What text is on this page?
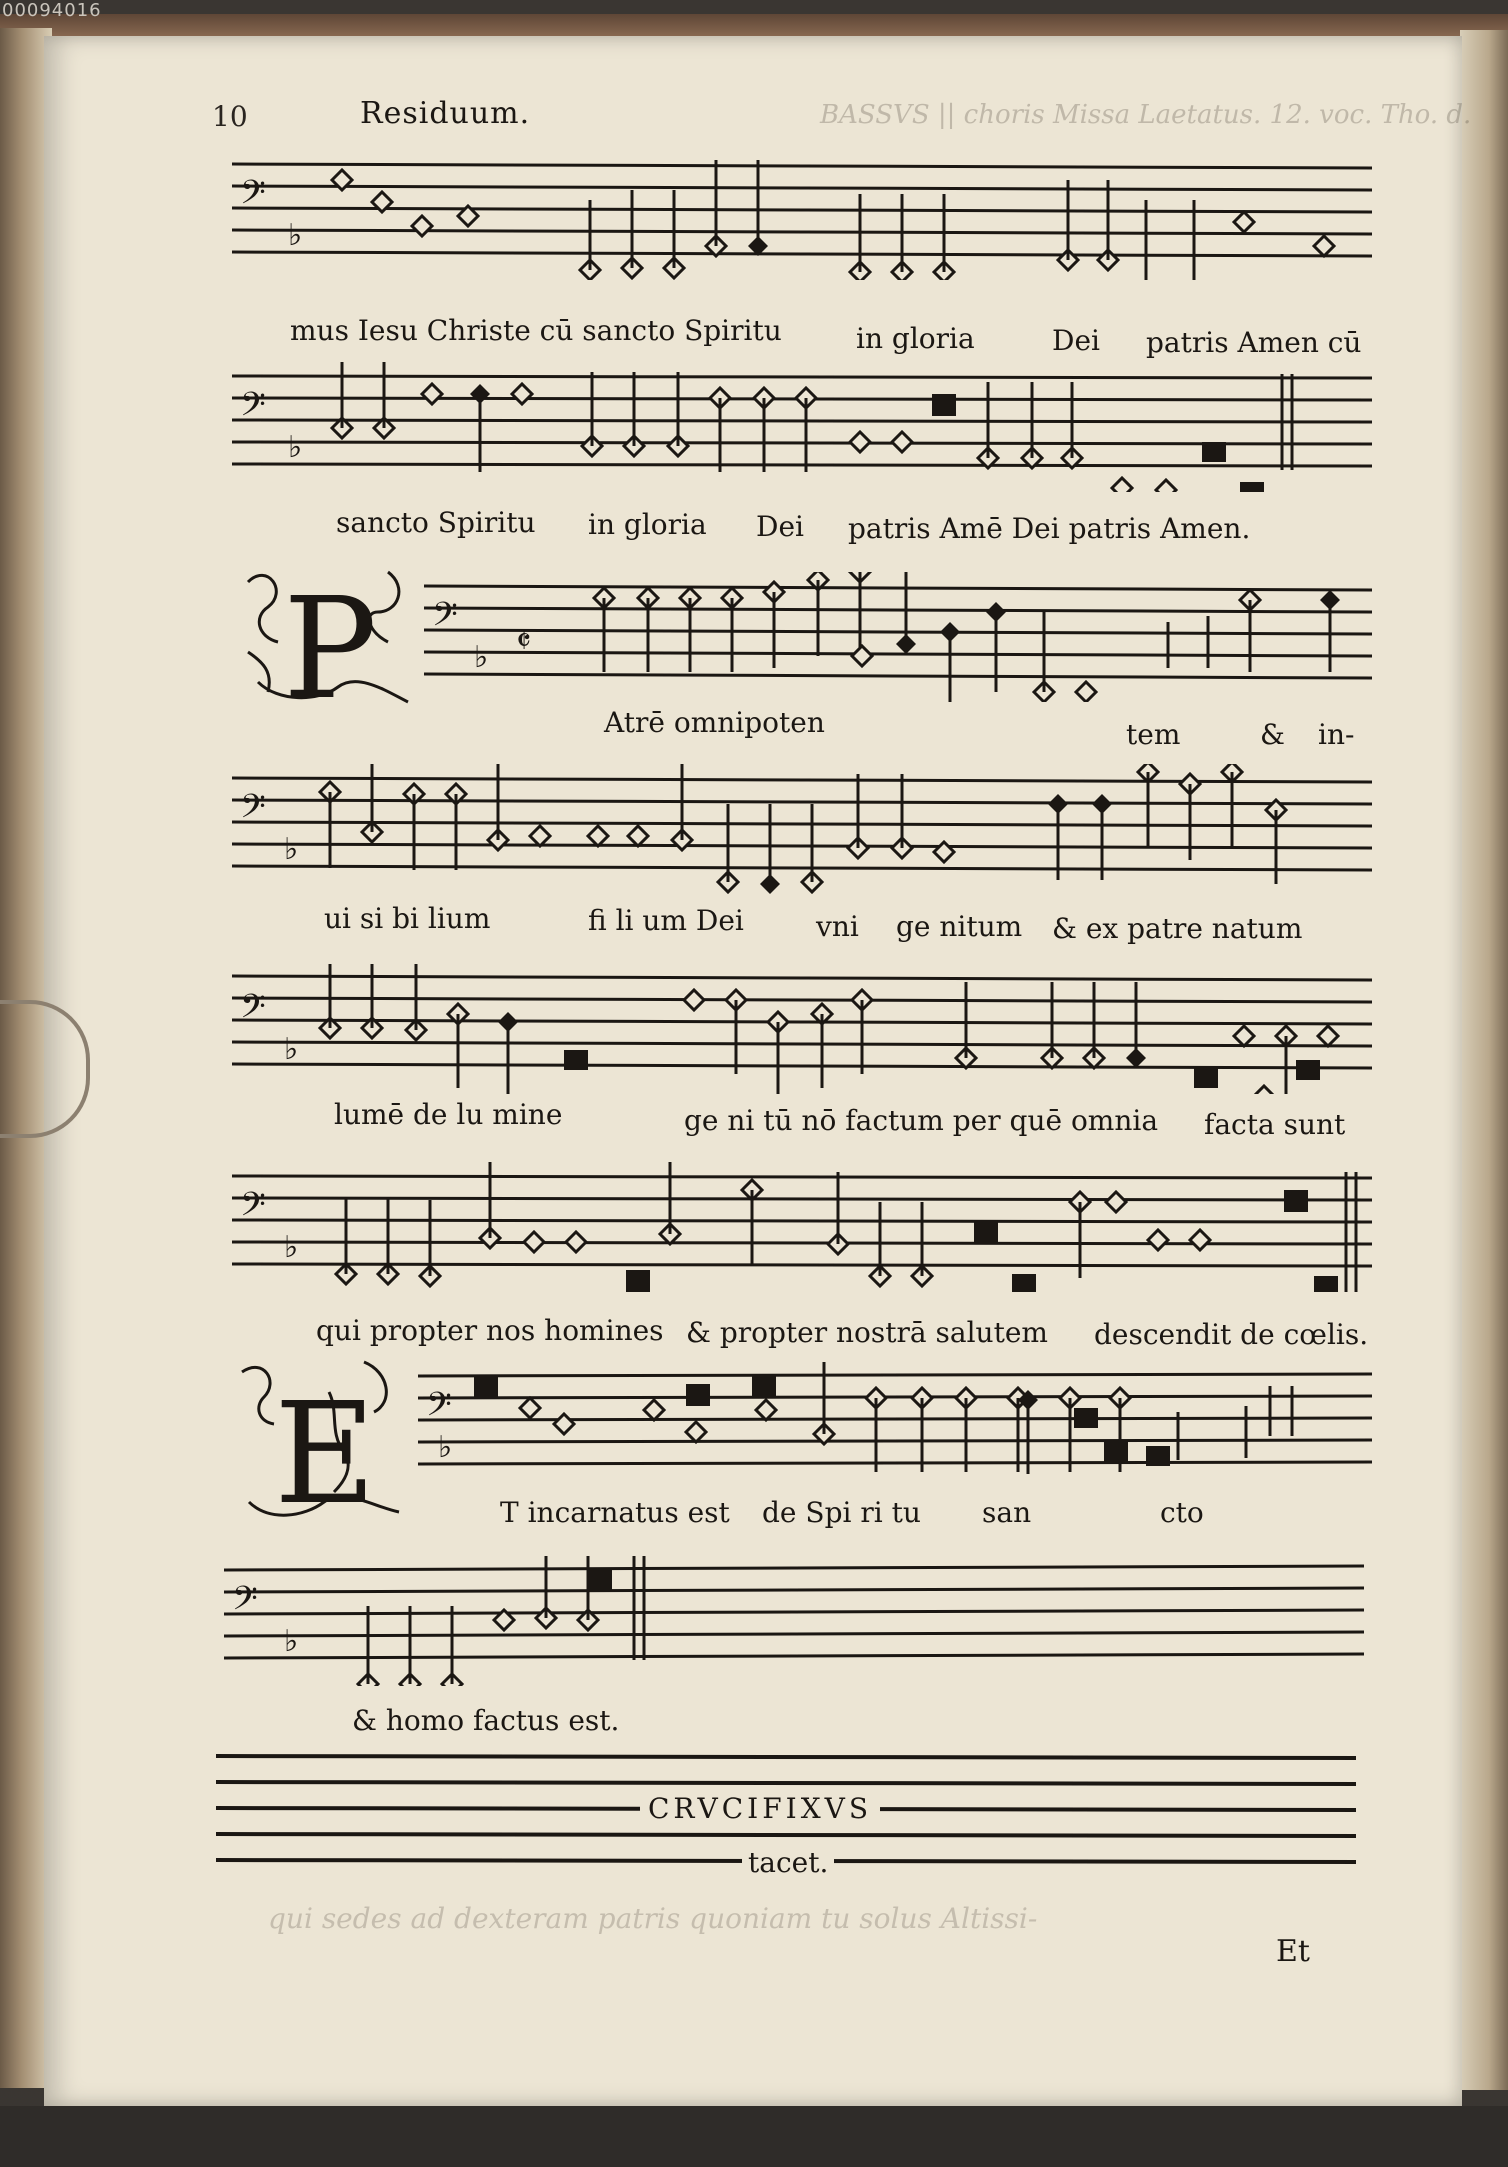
00094016
10	Residuum.	BASSVS || choris Missa Laetatus. 12. voc. Tho. d.
𝄢
♭
mus Iesu Christe cū sancto Spiritu	in gloria	Dei patris Amen cū
𝄢
♭
sancto Spiritu in gloria Dei patris Amē Dei patris Amen.
P 𝄢
♭ 𝄵
Atrē omnipoten	tem	& in-
𝄢
♭
ui si bi lium	fi li um Dei	vni ge nitum & ex patre natum
𝄢
♭
lumē de lu mine	ge ni tū nō factum per quē omnia facta sunt
𝄢
♭
qui propter nos homines & propter nostrā salutem descendit de cœlis.
E 𝄢
♭
T incarnatus est de Spi ri tu san	cto
𝄢
♭
& homo factus est.
CRVCIFIXVS
tacet.
qui sedes ad dexteram patris quoniam tu solus Altissi-
Et
